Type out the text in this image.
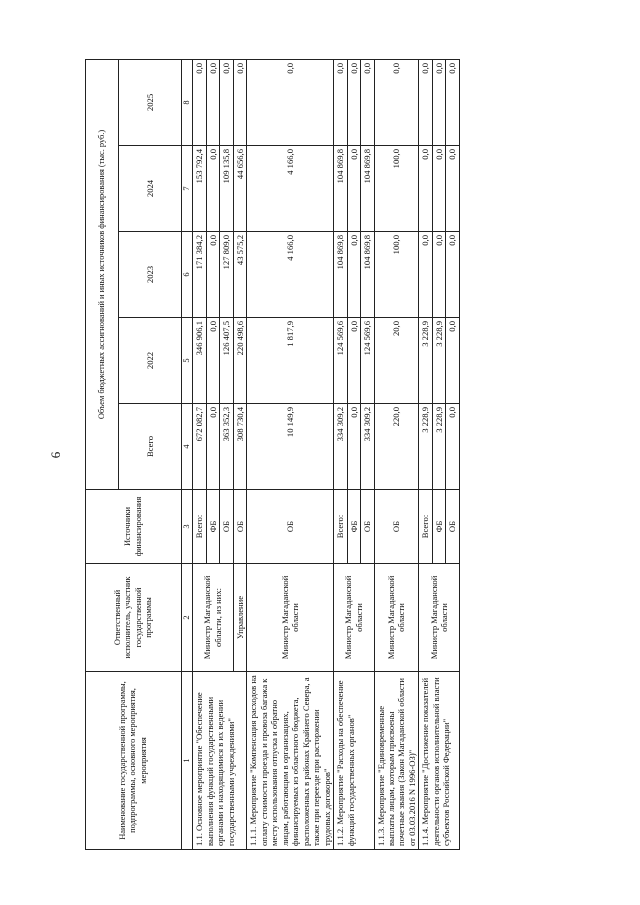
6
Наименование государственной программы, подпрограммы, основного мероприятия, мероприятия	Ответственный исполнитель, участник государственной программы	Источники финансирования	Объем бюджетных ассигнований и иных источников финансирования (тыс. руб.)				
			Всего	2022	2023	2024	2025
1	2	3	4	5	6	7	8
1.1. Основное мероприятие "Обеспечение выполнения функций государственными органами и находящимися в их ведении государственными учреждениями"	Министр Магаданской области, из них:	Всего:	672 082,7	346 906,1	171 384,2	153 792,4	0,0
		ФБ	0,0	0,0	0,0	0,0	0,0
		ОБ	363 352,3	126 407,5	127 809,0	109 135,8	0,0
	Управление	ОБ	308 730,4	220 498,6	43 575,2	44 656,6	0,0
1.1.1. Мероприятие "Компенсация расходов на оплату стоимости проезда и провоза багажа к месту использования отпуска и обратно лицам, работающим в организациях, финансируемых из областного бюджета, расположенных в районах Крайнего Севера, а также при переезде при расторжении трудовых договоров"	Министр Магаданской области	ОБ	10 149,9	1 817,9	4 166,0	4 166,0	0,0
1.1.2. Мероприятие "Расходы на обеспечение функций государственных органов"	Министр Магаданской области	Всего:	334 309,2	124 569,6	104 869,8	104 869,8	0,0
		ФБ	0,0	0,0	0,0	0,0	0,0
		ОБ	334 309,2	124 569,6	104 869,8	104 869,8	0,0
1.1.3. Мероприятие "Единовременные выплаты лицам, которым присвоены почетные звания (Закон Магаданской области от 03.03.2016 N 1996-ОЗ)"	Министр Магаданской области	ОБ	220,0	20,0	100,0	100,0	0,0
1.1.4. Мероприятие "Достижение показателей деятельности органов исполнительной власти субъектов Российской Федерации"	Министр Магаданской области	Всего:	3 228,9	3 228,9	0,0	0,0	0,0
		ФБ	3 228,9	3 228,9	0,0	0,0	0,0
		ОБ	0,0	0,0	0,0	0,0	0,0
